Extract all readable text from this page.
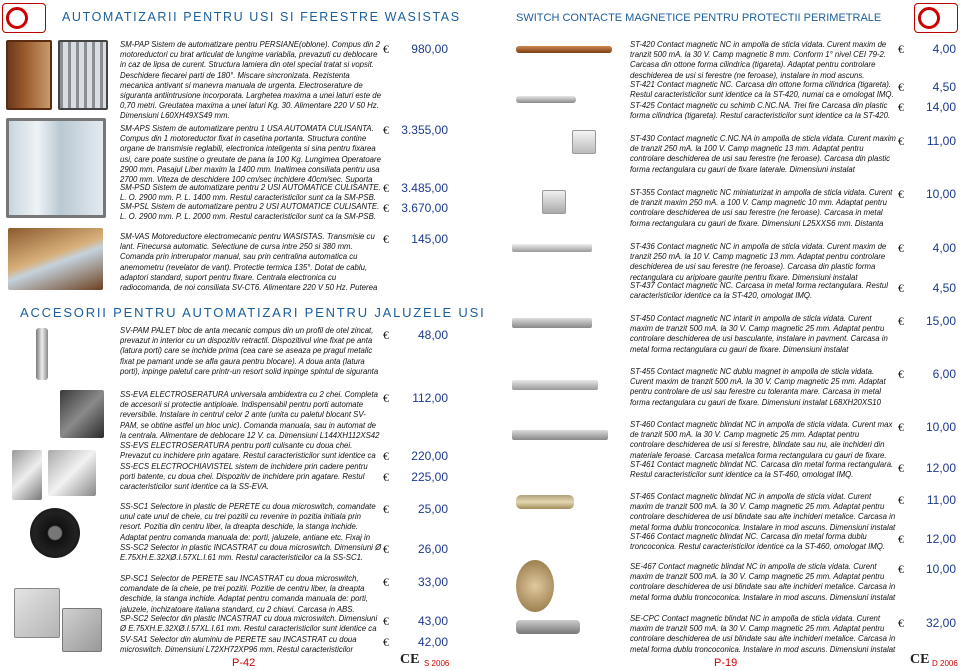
AUTOMATIZARII PENTRU USI SI FERESTRE WASISTAS
ACCESORII PENTRU AUTOMATIZARI PENTRU JALUZELE USI
SM-PAP Sistem de automatizare pentru PERSIANE(oblone). Compus din 2 motoreductori cu brat articulat de lungime variabila, prevazuti cu deblocare in caz de lipsa de curent. Structura lamiera din otel special tratat si vopsit. Deschidere fiecarei parti de 180°. Miscare sincronizata. Rezistenta mecanica antivant si manevra manuala de urgenta. Electroserature de siguranta antiintrusione incorporata. Larghetea maxima a unei laturi este de 0,70 metri. Greutatea maxima a unei laturi Kg. 30. Alimentare 220 V 50 Hz. Dimensiuni L60XH49XS49 mm.
€	980,00
SM-APS Sistem de automatizare pentru 1 USA AUTOMATA CULISANTA. Compus din 1 motoreductor fixat in casetina portanta. Structura contine organe de transmisie reglabili, electronica inteligenta si sina pentru fixarea usi, care poate sustine o greutate de pana la 100 Kg. Lungimea Operatoare 2900 mm. Pasajul Liber maxim la 1400 mm. Inaltimea consiliata pentru usa 2700 mm. Viteza de deschidere 100 cm/sec inchidere 40cm/sec. Suporta
€	3.355,00
SM-PSD Sistem de automatizare pentru 2 USI AUTOMATICE CULISANTE. L. O. 2900 mm. P. L. 1400 mm. Restul caracteristicilor sunt ca la SM-PSB.
€	3.485,00
SM-PSL Sistem de automatizare pentru 2 USI AUTOMATICE CULISANTE. L. O. 2900 mm. P. L. 2000 mm. Restul caracteristicilor sunt ca la SM-PSB.
€	3.670,00
SM-VAS Motoreductore electromecanic pentru WASISTAS. Transmisie cu lant. Finecursa automatic. Selectiune de cursa intre 250 si 380 mm. Comanda prin intrerupator manual, sau prin centralina automatica cu anemometru (revelator de vant). Protectie termica 135°. Dotat de cablu, adaptori standard, suport pentru fixare. Centrala electronica cu radiocomanda, de noi consiliata SV-CT6. Alimentare 220 V 50 Hz. Puterea
€	145,00
SV-PAM PALET bloc de anta mecanic compus din un profil de otel zincat, prevazut in interior cu un dispozitiv retractil. Dispozitivul vine fixat pe anta (latura porti) care se inchide prima (cea care se aseaza pe pragul metalic fixat pe pamant unde se afla gaura pentru blocare). A doua anta (latura porti), inpinge paletul care printr-un resort solid inpinge spintul de siguranta
€	48,00
SS-EVA ELECTROSERATURA universala ambidextra cu 2 chei. Completa de accesorii si protectie antiploaie. Indispensabil pentru porti automate reversibile. Instalare in centrul celor 2 ante (unita cu paletul blocant SV-PAM, se obtine astfel un bloc unic). Comanda manuala, sau in automat de la centrala. Alimentare de deblocare 12 V. ca. Dimensiuni L144XH112XS42
€	112,00
SS-EVS ELECTROSERATURA pentru porti culisante cu doua chei. Prevazut cu inchidere prin agatare. Restul caracteristicilor sunt identice ca €	220,00
SS-ECS ELECTROCHIAVISTEL sistem de inchidere prin cadere pentru porti batente, cu doua chei. Dispozitiv de inchidere prin agatare. Restul caracteristicilor sunt identice ca la SS-EVA.
€	225,00
SS-SC1 Selectore in plastic de PERETE cu doua microswitch, comandate unul cate unul de cheie, cu trei pozitii cu revenire in pozitia initiala prin resort. Pozitia din centru liber, la dreapta deschide, la stanga inchide. Adaptat pentru comanda manuala de: porti, jaluzele, antiane etc. Fixaj in
€	25,00
SS-SC2 Selector in plastic INCASTRAT cu doua microswitch. Dimensiuni Ø E.75XH.E.32XØ.I.57XL.I.61 mm. Restul caracteristicilor ca la SS-SC1.
€	26,00
SP-SC1 Selector de PERETE sau INCASTRAT cu doua microswitch, comandate de la cheie, pe trei pozitii. Pozitie de centru liber, la dreapta deschide, la stanga inchide. Adaptat pentru comanda manuala de: porti, jaluzele, inchizatoare italiana standard, cu 2 chiavi. Carcasa in ABS.
€	33,00
SP-SC2 Selector din plastic INCASTRAT cu doua microswitch. Dimensiuni Ø E.75XH.E.32XØ.I.57XL.I.61 mm. Restul caracteristicilor sunt identice ca
€	43,00
SV-SA1 Selector din aluminiu de PERETE sau INCASTRAT cu doua microswitch. Dimensiuni L72XH72XP96 mm. Restul caracteristicilor
€	42,00
P-42	CE S 2006
SWITCH CONTACTE MAGNETICE PENTRU PROTECTII PERIMETRALE
ST-420 Contact magnetic NC in ampolla de sticla vidata. Curent maxim de tranzit 500 mA. la 30 V. Camp magnetic 8 mm. Conform 1° nivel CEI 79-2. Carcasa din ottone forma cilindrica (tigareta). Adaptat pentru controlare deschiderea de usi si ferestre (ne feroase), instalare in mod ascuns.
€	4,00
ST-421 Contact magnetic NC. Carcasa din ottone forma cilindrica (tigareta). Restul caracteristicilor sunt identice ca la ST-420, numai ca e omologat IMQ.
€	4,50
ST-425 Contact magnetic cu schimb C.NC.NA. Trei fire Carcasa din plastic forma cilindrica (tigareta). Restul caracteristicilor sunt identice ca la ST-420.
€	14,00
ST-430 Contact magnetic C.NC.NA in ampolla de sticla vidata. Curent maxim de tranzit 250 mA. la 100 V. Camp magnetic 13 mm. Adaptat pentru controlare deschiderea de usi sau ferestre (ne feroase). Carcasa din plastic forma rectangulara cu gauri de fixare laterale. Dimensiuni instalat
€	11,00
ST-355 Contact magnetic NC miniaturizat in ampolla de sticla vidata. Curent de tranzit maxim 250 mA. a 100 V. Camp magnetic 10 mm. Adaptat pentru controlare deschiderea de usi sau ferestre (ne feroase). Carcasa in metal forma rectangulara cu gauri de fixare. Dimensiuni L25XXS6 mm. Distanta
€	10,00
ST-436 Contact magnetic NC in ampolla de sticla vidata. Curent maxim de tranzit 250 mA. la 10 V. Camp magnetic 13 mm. Adaptat pentru controlare deschiderea de usi sau ferestre (ne feroase). Carcasa din plastic forma rectangulara cu aripioare gaurite pentru fixare. Dimensiuni instalat
€	4,00
ST-437 Contact magnetic NC. Carcasa in metal forma rectangulara. Restul caracteristicilor identice ca la ST-420, omologat IMQ.
€	4,50
ST-450 Contact magnetic NC intarit in ampolla de sticla vidata. Curent maxim de tranzit 500 mA. la 30 V. Camp magnetic 25 mm. Adaptat pentru controlare deschiderea de usi basculante, instalare in pavment. Carcasa in metal forma rectangulara cu gauri de fixare. Dimensiuni instalat
€	15,00
ST-455 Contact magnetic NC dublu magnet in ampolla de sticla vidata. Curent maxim de tranzit 500 mA. la 30 V. Camp magnetic 25 mm. Adaptat pentru controlare de usi sau ferestre cu toleranta mare. Carcasa in metal forma rectangulara cu gauri de fixare. Dimensiuni instalat L68XH20XS10
€	6,00
ST-460 Contact magnetic blindat NC in ampolla de sticla vidata. Curent max de tranzit 500 mA. la 30 V. Camp magnetic 25 mm. Adaptat pentru controlare deschiderea de usi si ferestre, blindate sau nu, ale inchideri din materiale feroase. Carcasa metalica forma rectangulara cu gauri de fixare.
€	10,00
ST-461 Contact magnetic blindat NC. Carcasa din metal forma rectangulara. Restul caracteristicilor sunt identice ca la ST-460, omologat IMQ.	€	12,00
ST-465 Contact magnetic blindat NC in ampolla de sticla vidat. Curent maxim de tranzit 500 mA. la 30 V. Camp magnetic 25 mm. Adaptat pentru controlare deschiderea de usi blindate sau alte inchideri metalice. Carcasa in metal forma dublu troncoconica. Instalare in mod ascuns. Dimensiuni instalat
€	11,00
ST-466 Contact magnetic blindat NC. Carcasa din metal forma dublu troncoconica. Restul caracteristicilor identice ca la ST-460, omologat IMQ.
€	12,00
SE-467 Contact magnetic blindat NC in ampolla de sticla vidata. Curent maxim de tranzit 500 mA. la 30 V. Camp magnetic 25 mm. Adaptat pentru controlare deschiderea de usi blindate sau alte inchideri metalice. Carcasa in metal forma dublu troncoconica. Instalare in mod ascuns. Dimensiuni instalat
€	10,00
SE-CPC Contact magnetic blindat NC in ampolla de sticla vidata. Curent maxim de tranzit 500 mA. la 30 V. Camp magnetic 25 mm. Adaptat pentru controlare deschiderea de usi blindate sau alte inchideri metalice. Carcasa in metal forma dublu troncoconica. Instalare in mod ascuns. Dimensiuni instalat
€	32,00
P-19	CE D 2006
